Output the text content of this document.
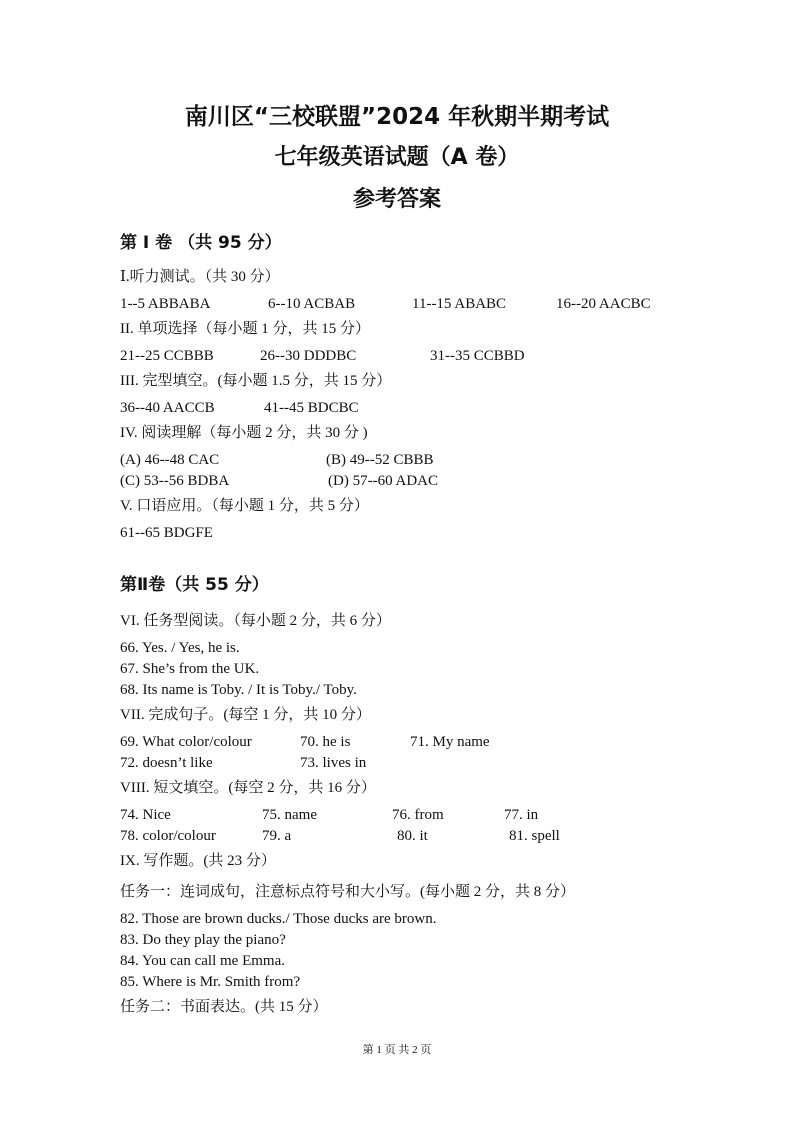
南川区“三校联盟”2024 年秋期半期考试
七年级英语试题（A 卷）
参考答案
第 I 卷 （共 95 分）
Ⅰ.听力测试。（共 30 分）
1--5 ABBABA	6--10 ACBAB	11--15 ABABC	16--20 AACBC
II. 单项选择（每小题 1 分，共 15 分）
21--25 CCBBB	26--30 DDDBC	31--35 CCBBD
III. 完型填空。(每小题 1.5 分，共 15 分）
36--40 AACCB	41--45 BDCBC
IV. 阅读理解（每小题 2 分，共 30 分 )
(A) 46--48 CAC	(B) 49--52 CBBB
(C) 53--56 BDBA	(D) 57--60 ADAC
V. 口语应用。（每小题 1 分，共 5 分）
61--65 BDGFE
第Ⅱ卷（共 55 分）
VI. 任务型阅读。（每小题 2 分，共 6 分）
66. Yes. / Yes, he is.
67. She’s from the UK.
68. Its name is Toby. / It is Toby./ Toby.
VII. 完成句子。(每空 1 分，共 10 分）
69. What color/colour	70. he is	71. My name
72. doesn’t like	73. lives in
VIII. 短文填空。(每空 2 分，共 16 分）
74. Nice	75. name	76. from	77. in
78. color/colour	79. a	80. it	81. spell
IX. 写作题。(共 23 分）
任务一：连词成句，注意标点符号和大小写。(每小题 2 分，共 8 分）
82. Those are brown ducks./ Those ducks are brown.
83. Do they play the piano?
84. You can call me Emma.
85. Where is Mr. Smith from?
任务二：书面表达。(共 15 分）
第 1 页 共 2 页
